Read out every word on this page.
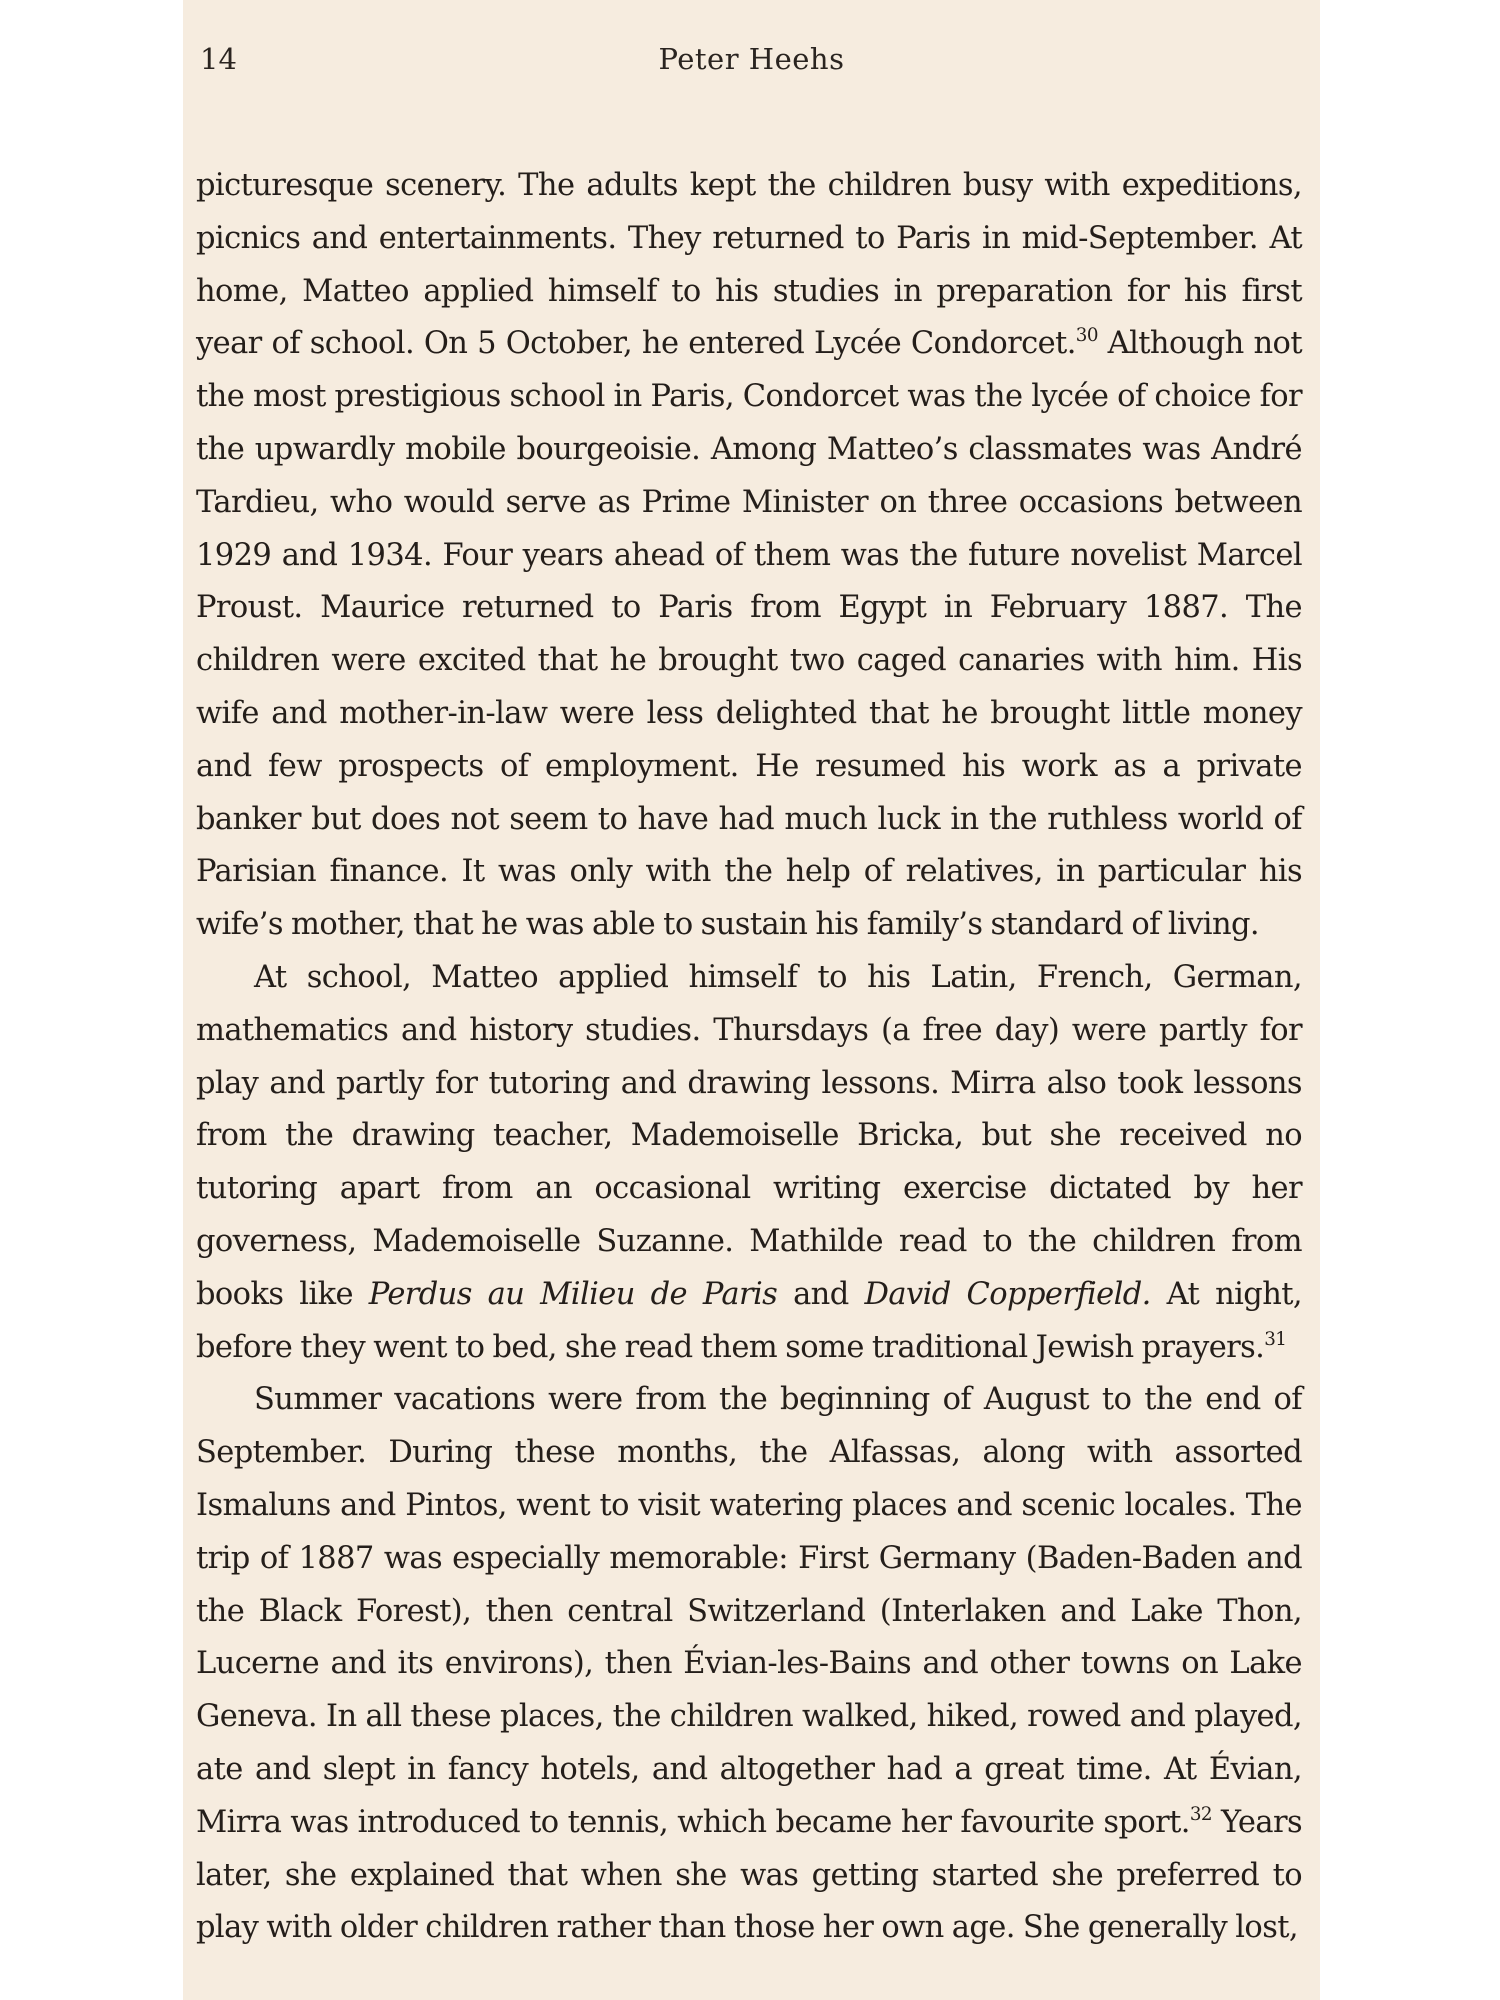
14	Peter Heehs

picturesque scenery. The adults kept the children busy with expeditions, picnics and entertainments. They returned to Paris in mid-September. At home, Matteo applied himself to his studies in preparation for his first year of school. On 5 October, he entered Lycée Condorcet.$^{30}$ Although not the most prestigious school in Paris, Condorcet was the lycée of choice for the upwardly mobile bourgeoisie. Among Matteo’s classmates was André Tardieu, who would serve as Prime Minister on three occasions between 1929 and 1934. Four years ahead of them was the future novelist Marcel Proust. Maurice returned to Paris from Egypt in February 1887. The children were excited that he brought two caged canaries with him. His wife and mother-in-law were less delighted that he brought little money and few prospects of employment. He resumed his work as a private banker but does not seem to have had much luck in the ruthless world of Parisian finance. It was only with the help of relatives, in particular his wife’s mother, that he was able to sustain his family’s standard of living.

At school, Matteo applied himself to his Latin, French, German, mathematics and history studies. Thursdays (a free day) were partly for play and partly for tutoring and drawing lessons. Mirra also took lessons from the drawing teacher, Mademoiselle Bricka, but she received no tutoring apart from an occasional writing exercise dictated by her governess, Mademoiselle Suzanne. Mathilde read to the children from books like Perdus au Milieu de Paris and David Copperfield. At night, before they went to bed, she read them some traditional Jewish prayers.$^{31}$

Summer vacations were from the beginning of August to the end of September. During these months, the Alfassas, along with assorted Ismaluns and Pintos, went to visit watering places and scenic locales. The trip of 1887 was especially memorable: First Germany (Baden-Baden and the Black Forest), then central Switzerland (Interlaken and Lake Thon, Lucerne and its environs), then Évian-les-Bains and other towns on Lake Geneva. In all these places, the children walked, hiked, rowed and played, ate and slept in fancy hotels, and altogether had a great time. At Évian, Mirra was introduced to tennis, which became her favourite sport.$^{32}$ Years later, she explained that when she was getting started she preferred to play with older children rather than those her own age. She generally lost,
